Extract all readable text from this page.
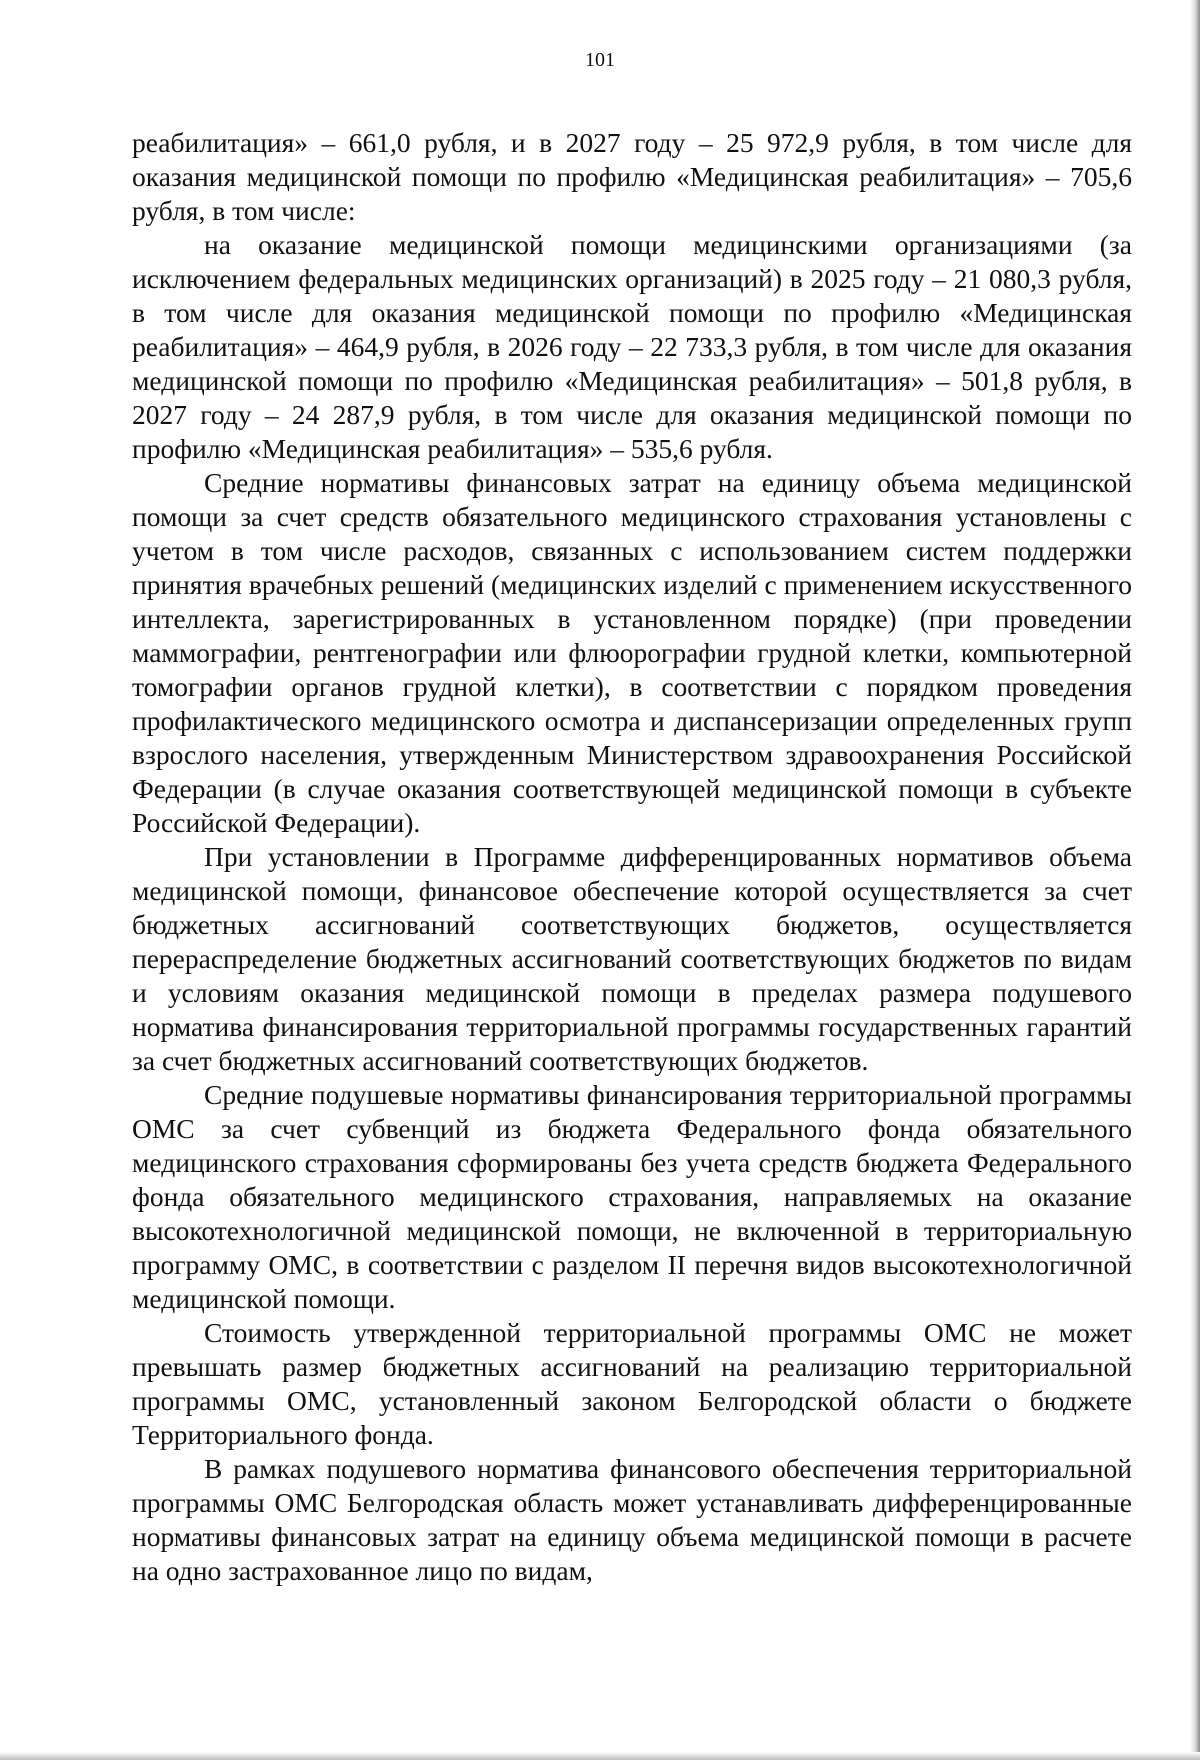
101

реабилитация» – 661,0 рубля, и в 2027 году – 25 972,9 рубля, в том числе для оказания медицинской помощи по профилю «Медицинская реабилитация» – 705,6 рубля, в том числе:

на оказание медицинской помощи медицинскими организациями (за исключением федеральных медицинских организаций) в 2025 году – 21 080,3 рубля, в том числе для оказания медицинской помощи по профилю «Медицинская реабилитация» – 464,9 рубля, в 2026 году – 22 733,3 рубля, в том числе для оказания медицинской помощи по профилю «Медицинская реабилитация» – 501,8 рубля, в 2027 году – 24 287,9 рубля, в том числе для оказания медицинской помощи по профилю «Медицинская реабилитация» – 535,6 рубля.

Средние нормативы финансовых затрат на единицу объема медицинской помощи за счет средств обязательного медицинского страхования установлены с учетом в том числе расходов, связанных с использованием систем поддержки принятия врачебных решений (медицинских изделий с применением искусственного интеллекта, зарегистрированных в установленном порядке) (при проведении маммографии, рентгенографии или флюорографии грудной клетки, компьютерной томографии органов грудной клетки), в соответствии с порядком проведения профилактического медицинского осмотра и диспансеризации определенных групп взрослого населения, утвержденным Министерством здравоохранения Российской Федерации (в случае оказания соответствующей медицинской помощи в субъекте Российской Федерации).

При установлении в Программе дифференцированных нормативов объема медицинской помощи, финансовое обеспечение которой осуществляется за счет бюджетных ассигнований соответствующих бюджетов, осуществляется перераспределение бюджетных ассигнований соответствующих бюджетов по видам и условиям оказания медицинской помощи в пределах размера подушевого норматива финансирования территориальной программы государственных гарантий за счет бюджетных ассигнований соответствующих бюджетов.

Средние подушевые нормативы финансирования территориальной программы ОМС за счет субвенций из бюджета Федерального фонда обязательного медицинского страхования сформированы без учета средств бюджета Федерального фонда обязательного медицинского страхования, направляемых на оказание высокотехнологичной медицинской помощи, не включенной в территориальную программу ОМС, в соответствии с разделом II перечня видов высокотехнологичной медицинской помощи.

Стоимость утвержденной территориальной программы ОМС не может превышать размер бюджетных ассигнований на реализацию территориальной программы ОМС, установленный законом Белгородской области о бюджете Территориального фонда.

В рамках подушевого норматива финансового обеспечения территориальной программы ОМС Белгородская область может устанавливать дифференцированные нормативы финансовых затрат на единицу объема медицинской помощи в расчете на одно застрахованное лицо по видам,
